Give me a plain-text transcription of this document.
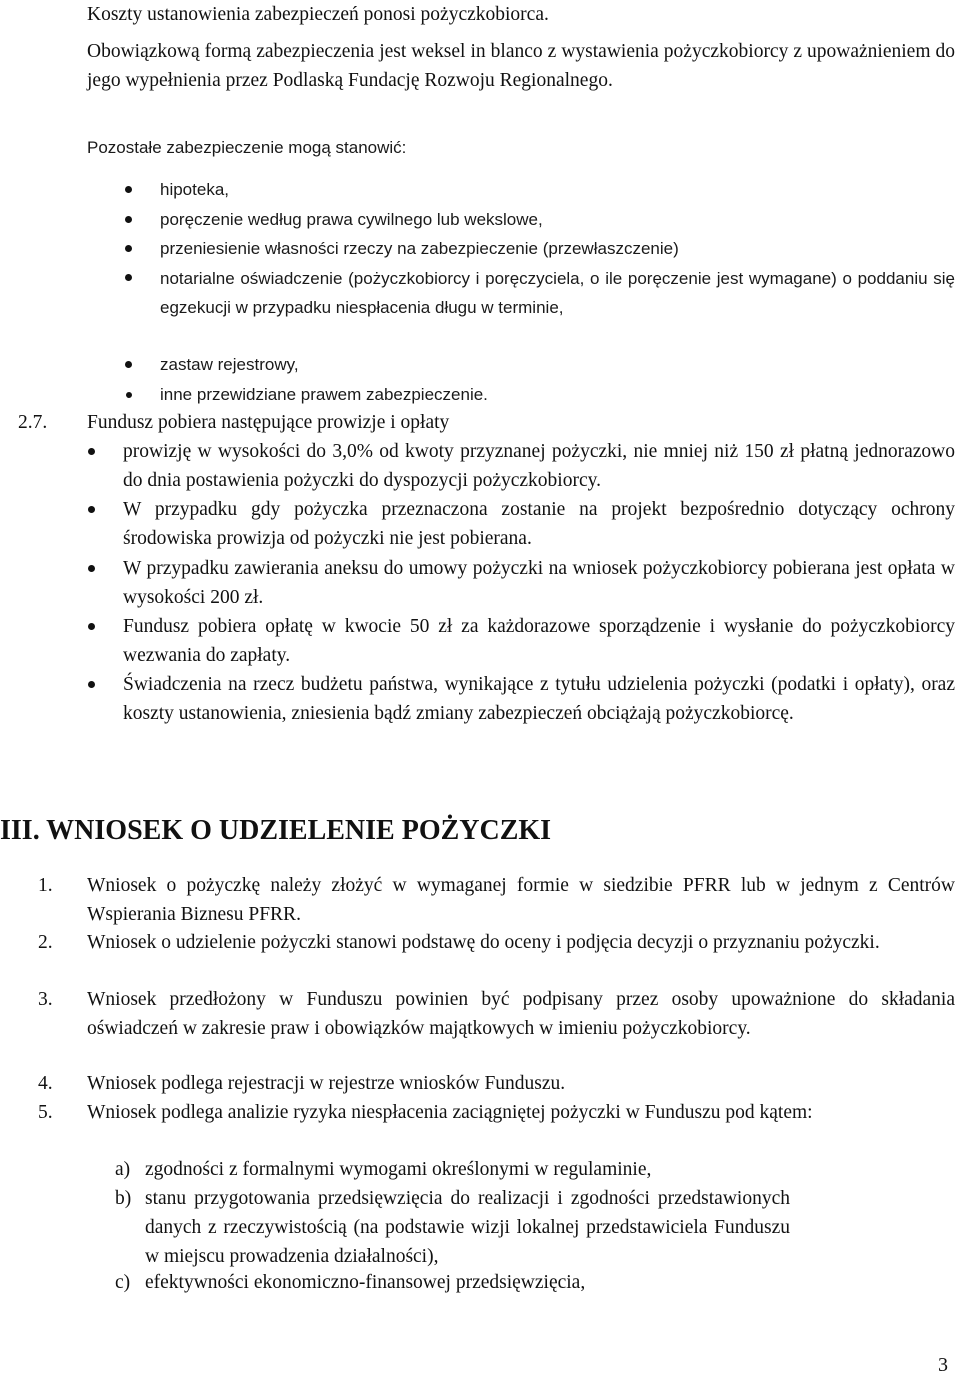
Koszty ustanowienia zabezpieczeń ponosi pożyczkobiorca.
Obowiązkową formą zabezpieczenia jest weksel in blanco z wystawienia pożyczkobiorcy z upoważnieniem do jego wypełnienia przez Podlaską Fundację Rozwoju Regionalnego.
Pozostałe zabezpieczenie mogą stanowić:
hipoteka,
poręczenie według prawa cywilnego lub wekslowe,
przeniesienie własności rzeczy na zabezpieczenie (przewłaszczenie)
notarialne oświadczenie (pożyczkobiorcy i poręczyciela, o ile poręczenie jest wymagane) o poddaniu się egzekucji w przypadku niespłacenia długu w terminie,
zastaw rejestrowy,
inne przewidziane prawem zabezpieczenie.
2.7.	Fundusz pobiera następujące prowizje i opłaty
prowizję w wysokości do 3,0% od kwoty przyznanej pożyczki, nie mniej niż 150 zł płatną jednorazowo do dnia postawienia pożyczki do dyspozycji pożyczkobiorcy.
W przypadku gdy pożyczka przeznaczona zostanie na projekt bezpośrednio dotyczący ochrony środowiska prowizja od pożyczki nie jest pobierana.
W przypadku zawierania aneksu do umowy pożyczki na wniosek pożyczkobiorcy pobierana jest opłata w wysokości 200 zł.
Fundusz pobiera opłatę w kwocie 50 zł za każdorazowe sporządzenie i wysłanie do pożyczkobiorcy wezwania do zapłaty.
Świadczenia na rzecz budżetu państwa, wynikające z tytułu udzielenia pożyczki (podatki i opłaty), oraz koszty ustanowienia, zniesienia bądź zmiany zabezpieczeń obciążają pożyczkobiorcę.
III. WNIOSEK O UDZIELENIE POŻYCZKI
1. Wniosek o pożyczkę należy złożyć w wymaganej formie w siedzibie PFRR lub w jednym z Centrów Wspierania Biznesu PFRR.
2. Wniosek o udzielenie pożyczki stanowi podstawę do oceny i podjęcia decyzji o przyznaniu pożyczki.
3. Wniosek przedłożony w Funduszu powinien być podpisany przez osoby upoważnione do składania oświadczeń w zakresie praw i obowiązków majątkowych w imieniu pożyczkobiorcy.
4. Wniosek podlega rejestracji w rejestrze wniosków Funduszu.
5. Wniosek podlega analizie ryzyka niespłacenia zaciągniętej pożyczki w Funduszu pod kątem:
a) zgodności z formalnymi wymogami określonymi w regulaminie,
b) stanu przygotowania przedsięwzięcia do realizacji i zgodności przedstawionych danych z rzeczywistością (na podstawie wizji lokalnej przedstawiciela Funduszu w miejscu prowadzenia działalności),
c) efektywności ekonomiczno-finansowej przedsięwzięcia,
3
